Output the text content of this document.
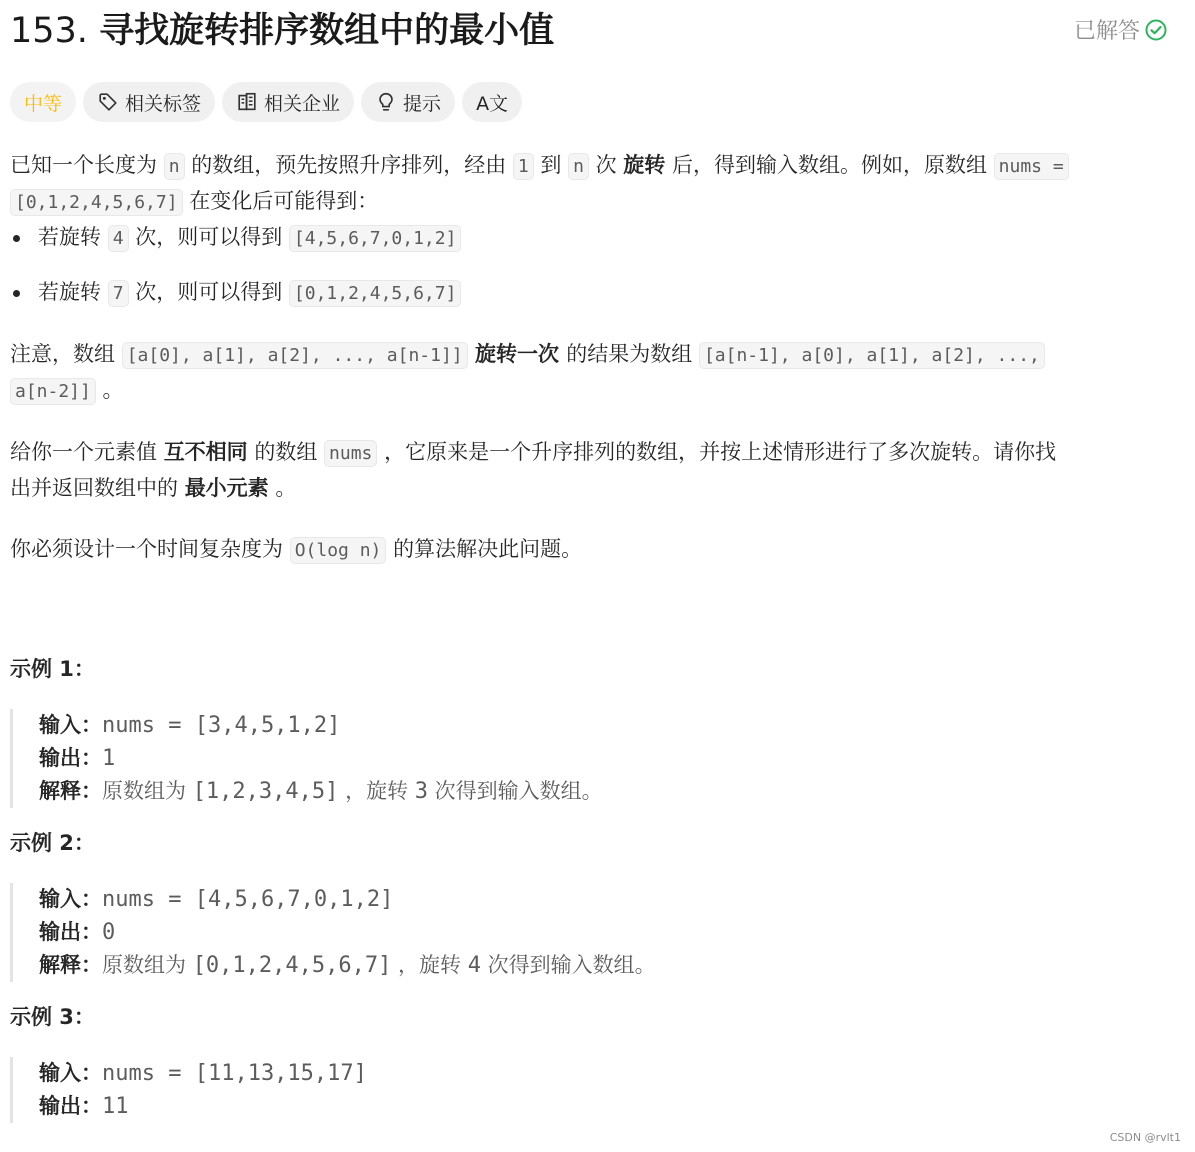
153. 寻找旋转排序数组中的最小值	已解答
中等	相关标签	相关企业	提示 A文

已知一个长度为 n 的数组，预先按照升序排列，经由 1 到 n 次 旋转 后，得到输入数组。例如，原数组 nums =
[0,1,2,4,5,6,7] 在变化后可能得到：

若旋转 4 次，则可以得到 [4,5,6,7,0,1,2]
若旋转 7 次，则可以得到 [0,1,2,4,5,6,7]

注意，数组 [a[0], a[1], a[2], ..., a[n-1]] 旋转一次 的结果为数组 [a[n-1], a[0], a[1], a[2], ...,
a[n-2]] 。

给你一个元素值 互不相同 的数组 nums ，它原来是一个升序排列的数组，并按上述情形进行了多次旋转。请你找
出并返回数组中的 最小元素 。

你必须设计一个时间复杂度为 O(log n) 的算法解决此问题。

示例 1：
输入：nums = [3,4,5,1,2]
输出：1
解释：原数组为 [1,2,3,4,5] ，旋转 3 次得到输入数组。
示例 2：
输入：nums = [4,5,6,7,0,1,2]
输出：0
解释：原数组为 [0,1,2,4,5,6,7] ，旋转 4 次得到输入数组。
示例 3：
输入：nums = [11,13,15,17]
输出：11
CSDN @rvlt1
